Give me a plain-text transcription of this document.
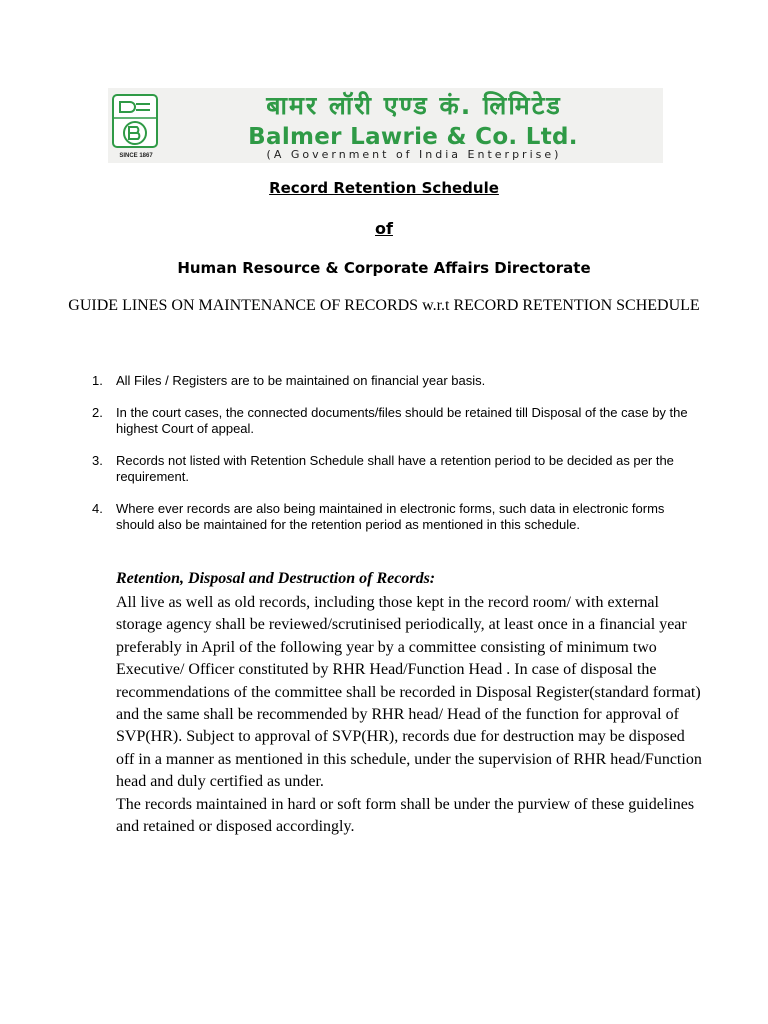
SINCE 1867
बामर लॉरी एण्ड कं. लिमिटेड
Balmer Lawrie & Co. Ltd.
(A Government of India Enterprise)
Record Retention Schedule
of
Human Resource & Corporate Affairs Directorate
GUIDE LINES ON MAINTENANCE OF RECORDS w.r.t RECORD RETENTION SCHEDULE
1. All Files / Registers are to be maintained on financial year basis.
2. In the court cases, the connected documents/files should be retained till Disposal of the case by the highest Court of appeal.
3. Records not listed with Retention Schedule shall have a retention period to be decided as per the requirement.
4. Where ever records are also being maintained in electronic forms, such data in electronic forms should also be maintained for the retention period as mentioned in this schedule.
Retention, Disposal and Destruction of Records:

All live as well as old records, including those kept in the record room/ with external storage agency shall be reviewed/scrutinised periodically, at least once in a financial year preferably in April of the following year by a committee consisting of minimum two Executive/ Officer constituted by RHR Head/Function Head . In case of disposal the recommendations of the committee shall be recorded in Disposal Register(standard format) and the same shall be recommended by RHR head/ Head of the function for approval of SVP(HR). Subject to approval of SVP(HR), records due for destruction may be disposed off in a manner as mentioned in this schedule, under the supervision of RHR head/Function head and duly certified as under.

The records maintained in hard or soft form shall be under the purview of these guidelines and retained or disposed accordingly.
